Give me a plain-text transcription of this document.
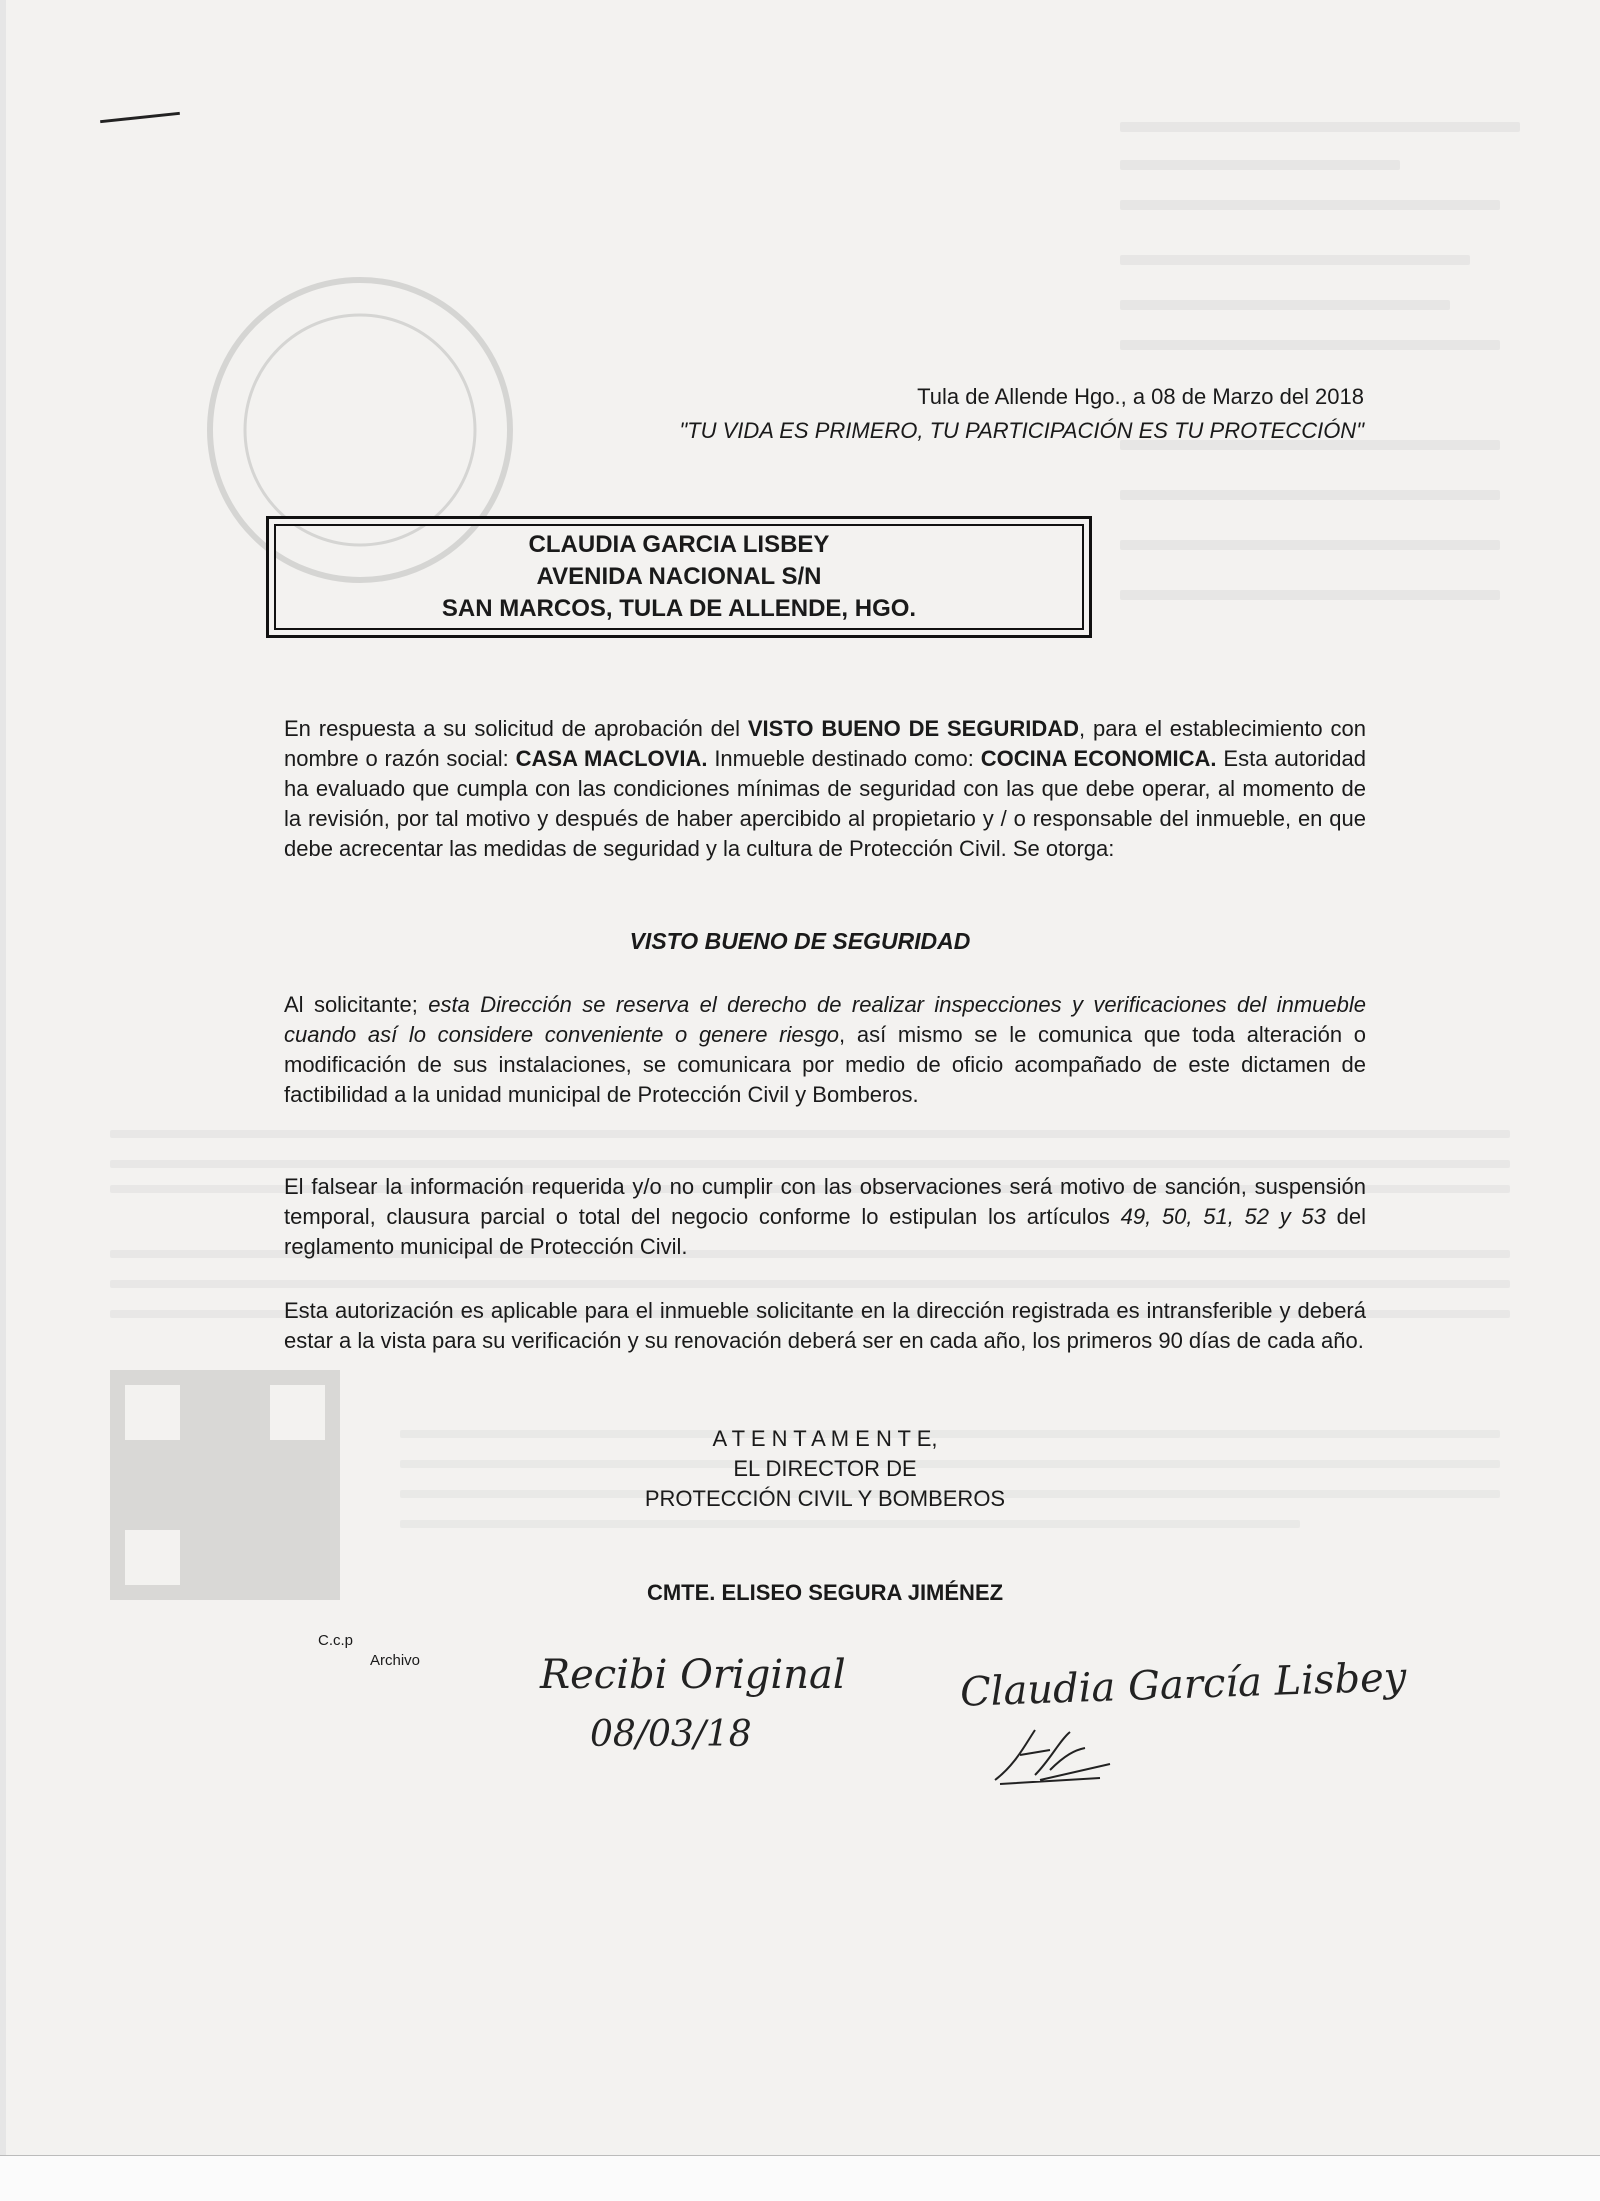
Tula de Allende Hgo., a 08 de Marzo del 2018
"TU VIDA ES PRIMERO, TU PARTICIPACIÓN ES TU PROTECCIÓN"
CLAUDIA GARCIA LISBEY
AVENIDA NACIONAL S/N
SAN MARCOS, TULA DE ALLENDE, HGO.
En respuesta a su solicitud de aprobación del VISTO BUENO DE SEGURIDAD, para el establecimiento con nombre o razón social: CASA MACLOVIA. Inmueble destinado como: COCINA ECONOMICA. Esta autoridad ha evaluado que cumpla con las condiciones mínimas de seguridad con las que debe operar, al momento de la revisión, por tal motivo y después de haber apercibido al propietario y / o responsable del inmueble, en que debe acrecentar las medidas de seguridad y la cultura de Protección Civil. Se otorga:
VISTO BUENO DE SEGURIDAD
Al solicitante; esta Dirección se reserva el derecho de realizar inspecciones y verificaciones del inmueble cuando así lo considere conveniente o genere riesgo, así mismo se le comunica que toda alteración o modificación de sus instalaciones, se comunicara por medio de oficio acompañado de este dictamen de factibilidad a la unidad municipal de Protección Civil y Bomberos.
El falsear la información requerida y/o no cumplir con las observaciones será motivo de sanción, suspensión temporal, clausura parcial o total del negocio conforme lo estipulan los artículos 49, 50, 51, 52 y 53 del reglamento municipal de Protección Civil.
Esta autorización es aplicable para el inmueble solicitante en la dirección registrada es intransferible y deberá estar a la vista para su verificación y su renovación deberá ser en cada año, los primeros 90 días de cada año.
A T E N T A M E N T E,
EL DIRECTOR DE
PROTECCIÓN CIVIL Y BOMBEROS
CMTE. ELISEO SEGURA JIMÉNEZ
C.c.p
Archivo	Recibi Original
08/03/18
Claudia García Lisbey
